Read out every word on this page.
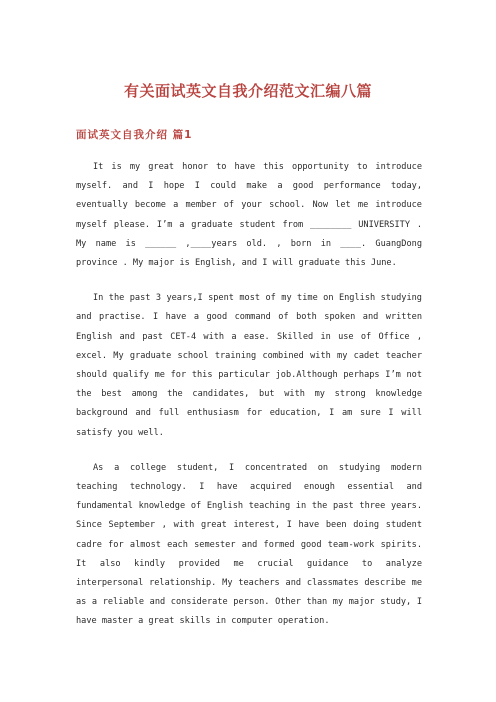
有关面试英文自我介绍范文汇编八篇
面试英文自我介绍 篇1

It is my great honor to have this opportunity to introduce myself. and I hope I could make a good performance today, eventually become a member of your school. Now let me introduce myself please. I’m a graduate student from ________ UNIVERSITY . My name is ______ ,____years old. , born in ____. GuangDong province . My major is English, and I will graduate this June.

In the past 3 years,I spent most of my time on English studying and practise. I have a good command of both spoken and written English and past CET-4 with a ease. Skilled in use of Office , excel. My graduate school training combined with my cadet teacher should qualify me for this particular job.Although perhaps I’m not the best among the candidates, but with my strong knowledge background and full enthusiasm for education, I am sure I will satisfy you well.

As a college student, I concentrated on studying modern teaching technology. I have acquired enough essential and fundamental knowledge of English teaching in the past three years. Since September , with great interest, I have been doing student cadre for almost each semester and formed good team-work spirits. It also kindly provided me crucial guidance to analyze interpersonal relationship. My teachers and classmates describe me as a reliable and considerate person. Other than my major study, I have master a great skills in computer operation.
